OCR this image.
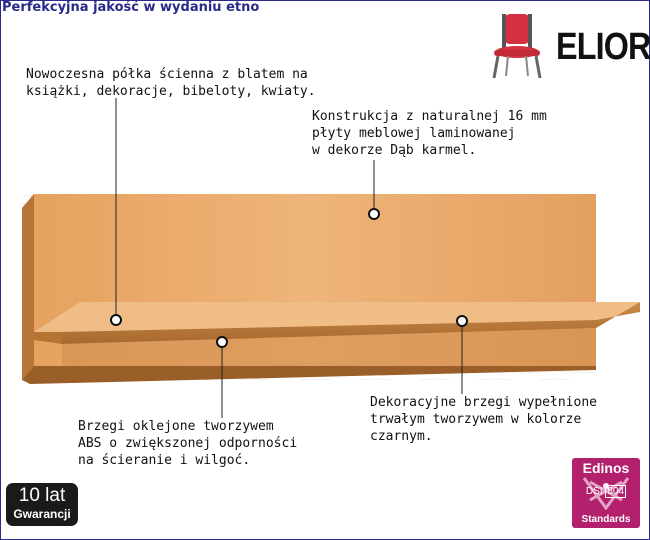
Perfekcyjna jakość w wydaniu etno
ELIOR
Nowoczesna półka ścienna z blatem na
książki, dekoracje, bibeloty, kwiaty.
Konstrukcja z naturalnej 16 mm
płyty meblowej laminowanej
w dekorze Dąb karmel.
Brzegi oklejone tworzywem
ABS o zwiększonej odporności
na ścieranie i wilgoć.
Dekoracyjne brzegi wypełnione
trwałym tworzywem w kolorze
czarnym.
10 lat
Gwarancji
Edinos
DSI 804
Standards
